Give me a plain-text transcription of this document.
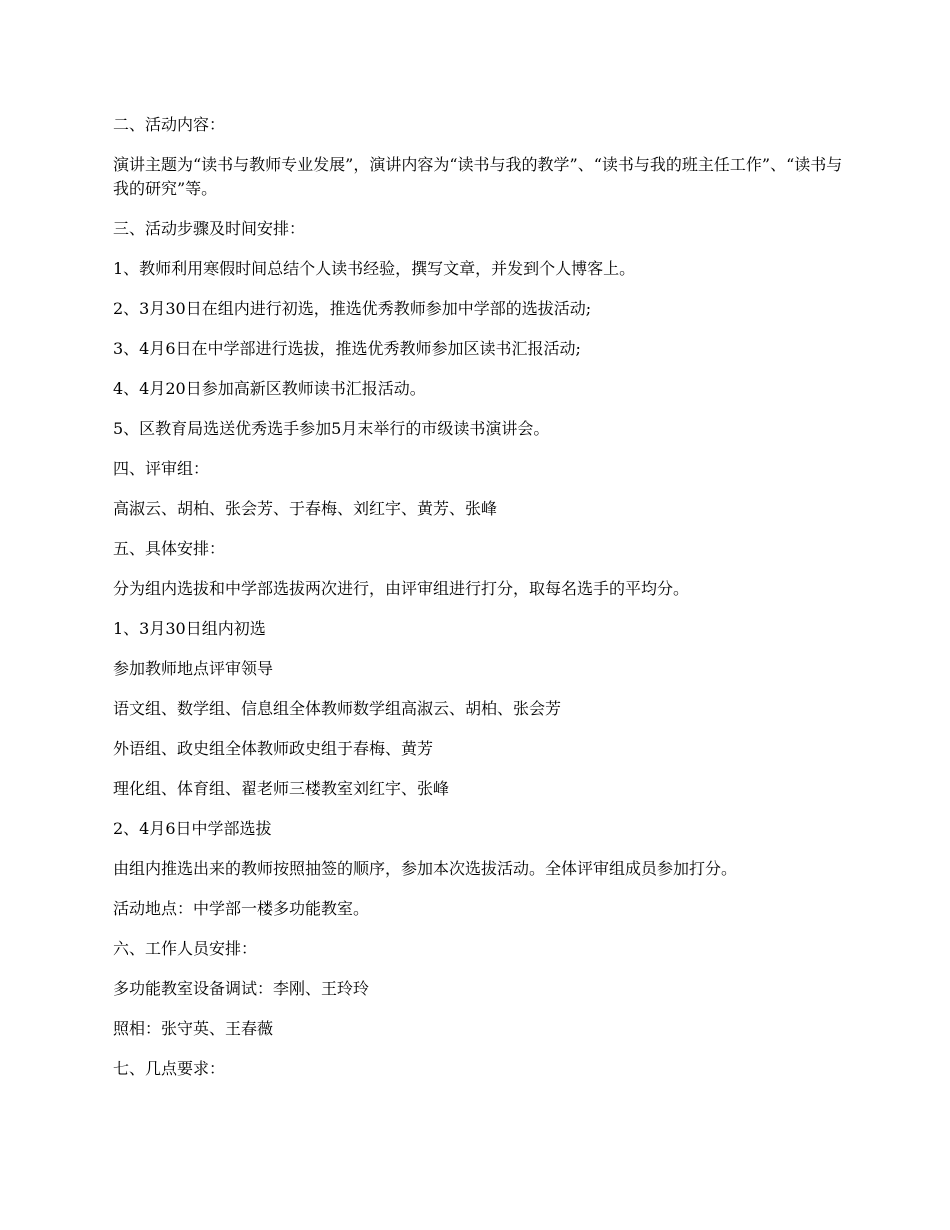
二、活动内容：

演讲主题为“读书与教师专业发展”，演讲内容为“读书与我的教学”、“读书与我的班主任工作”、“读书与我的研究”等。

三、活动步骤及时间安排：

1、教师利用寒假时间总结个人读书经验，撰写文章，并发到个人博客上。

2、3月30日在组内进行初选，推选优秀教师参加中学部的选拔活动;

3、4月6日在中学部进行选拔，推选优秀教师参加区读书汇报活动;

4、4月20日参加高新区教师读书汇报活动。

5、区教育局选送优秀选手参加5月末举行的市级读书演讲会。

四、评审组：

高淑云、胡柏、张会芳、于春梅、刘红宇、黄芳、张峰

五、具体安排：

分为组内选拔和中学部选拔两次进行，由评审组进行打分，取每名选手的平均分。

1、3月30日组内初选

参加教师地点评审领导

语文组、数学组、信息组全体教师数学组高淑云、胡柏、张会芳

外语组、政史组全体教师政史组于春梅、黄芳

理化组、体育组、翟老师三楼教室刘红宇、张峰

2、4月6日中学部选拔

由组内推选出来的教师按照抽签的顺序，参加本次选拔活动。全体评审组成员参加打分。

活动地点：中学部一楼多功能教室。

六、工作人员安排：

多功能教室设备调试：李刚、王玲玲

照相：张守英、王春薇

七、几点要求：
